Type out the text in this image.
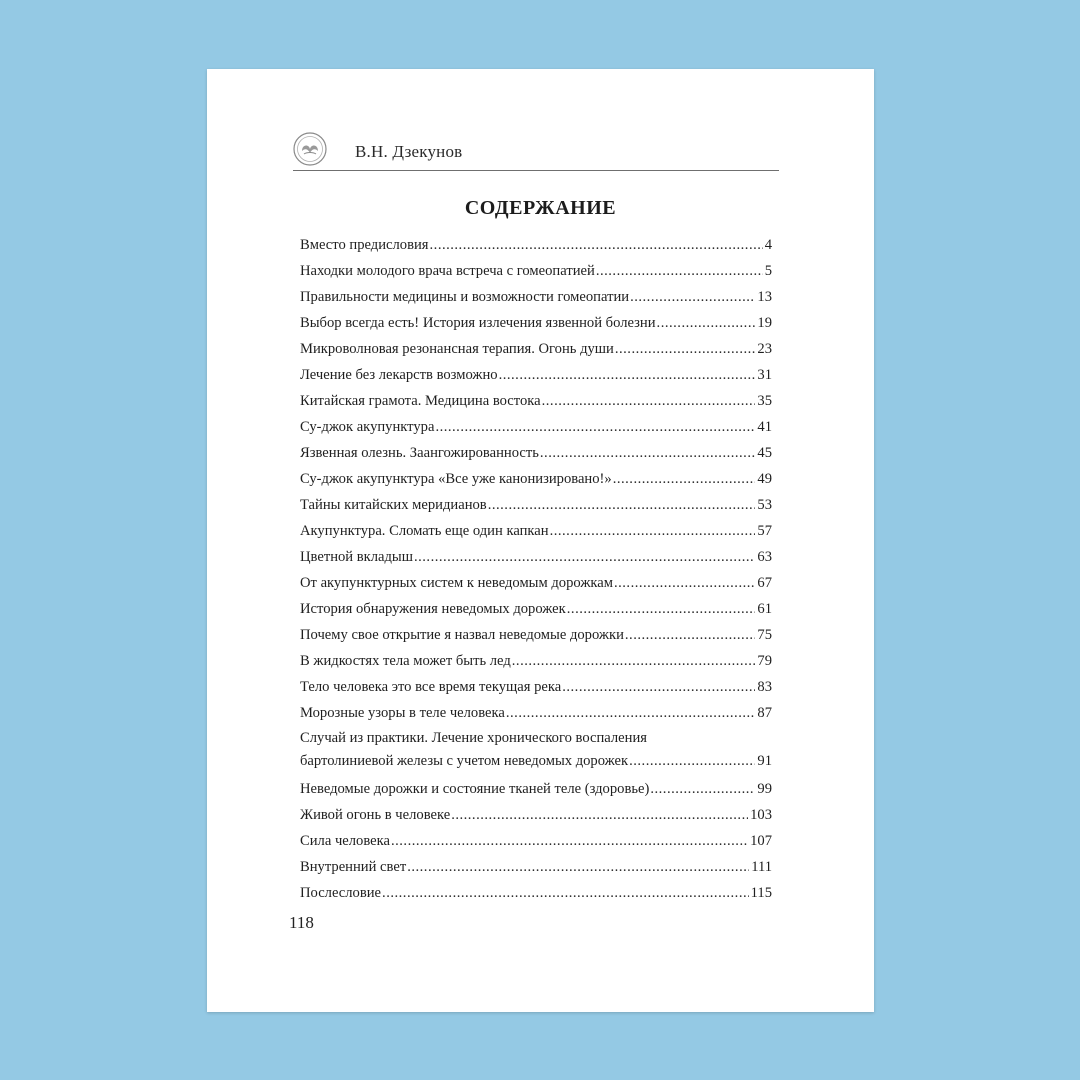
В.Н. Дзекунов
СОДЕРЖАНИЕ
Вместо предисловия .....	4
Находки молодого врача встреча с гомеопатией .....	5
Правильности медицины и возможности гомеопатии .....	13
Выбор всегда есть! История излечения язвенной болезни .....	19
Микроволновая резонансная терапия. Огонь души .....	23
Лечение без лекарств возможно .....	31
Китайская грамота. Медицина востока .....	35
Су-джок акупунктура .....	41
Язвенная олезнь. Заангожированность .....	45
Су-джок акупунктура «Все уже канонизировано!» .....	49
Тайны китайских меридианов .....	53
Акупунктура. Сломать еще один капкан .....	57
Цветной вкладыш .....	63
От акупунктурных систем к неведомым дорожкам .....	67
История обнаружения неведомых дорожек .....	61
Почему свое открытие я назвал неведомые дорожки .....	75
В жидкостях тела может быть лед .....	79
Тело человека это все время текущая река .....	83
Морозные узоры в теле человека .....	87
Случай из практики. Лечение хронического воспаления
бартолиниевой железы с учетом неведомых дорожек .....	91
Неведомые дорожки и состояние тканей теле (здоровье) .....	99
Живой огонь в человеке .....	103
Сила человека .....	107
Внутренний свет .....	111
Послесловие .....	115
118
